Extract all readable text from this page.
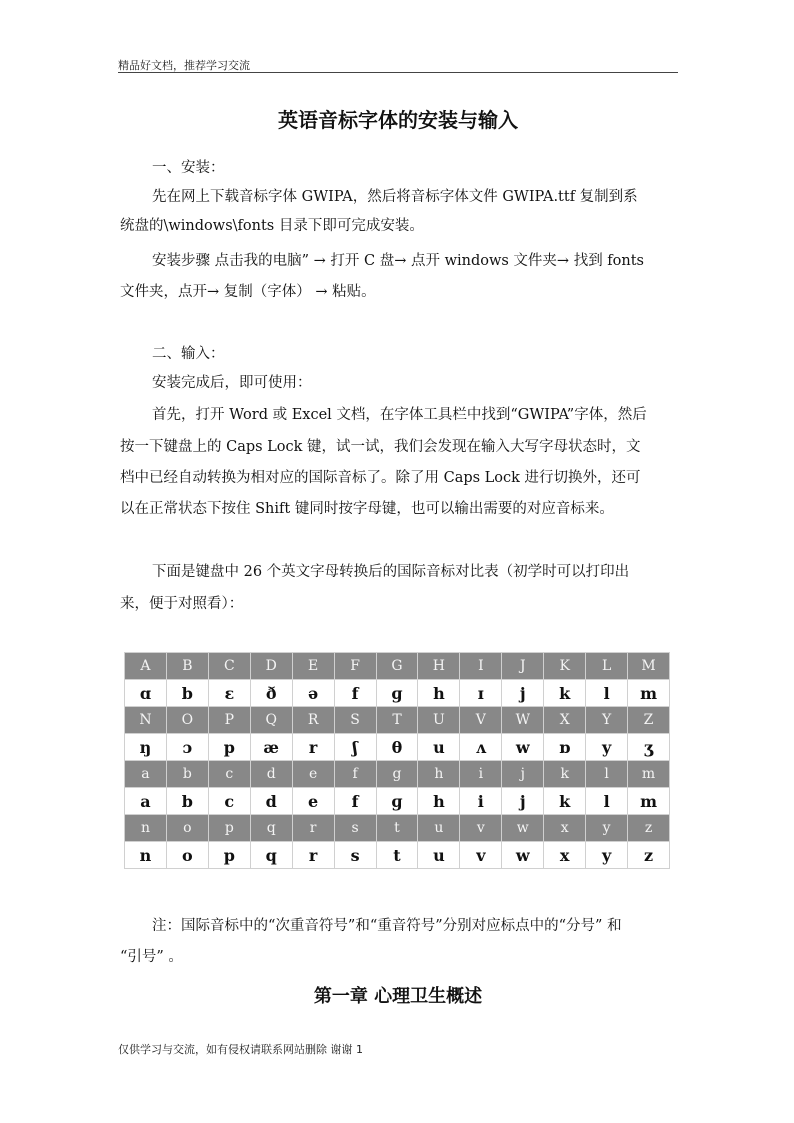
精品好文档，推荐学习交流
英语音标字体的安装与输入
一、安装：
先在网上下载音标字体 GWIPA，然后将音标字体文件 GWIPA.ttf 复制到系
统盘的\windows\fonts 目录下即可完成安装。
安装步骤 点击我的电脑” → 打开 C 盘→ 点开 windows 文件夹→ 找到 fonts
文件夹，点开→ 复制（字体） → 粘贴。
二、输入：
安装完成后，即可使用：
首先，打开 Word 或 Excel 文档，在字体工具栏中找到“GWIPA”字体，然后
按一下键盘上的 Caps Lock 键，试一试，我们会发现在输入大写字母状态时，文
档中已经自动转换为相对应的国际音标了。除了用 Caps Lock 进行切换外，还可
以在正常状态下按住 Shift 键同时按字母键，也可以输出需要的对应音标来。
下面是键盘中 26 个英文字母转换后的国际音标对比表（初学时可以打印出
来，便于对照看）：
A	B	C	D	E	F	G	H	I	J	K	L	M
ɑ	b	ɛ	ð	ə	f	ɡ	h	ɪ	j	k	l	m
N	O	P	Q	R	S	T	U	V	W	X	Y	Z
ŋ	ɔ	p	æ	r	ʃ	θ	u	ʌ	w	ɒ	y	ʒ
a	b	c	d	e	f	g	h	i	j	k	l	m
a	b	c	d	e	f	ɡ	h	i	j	k	l	m
n	o	p	q	r	s	t	u	v	w	x	y	z
n	o	p	q	r	s	t	u	v	w	x	y	z
注：国际音标中的“次重音符号”和“重音符号”分别对应标点中的“分号” 和
“引号” 。
第一章 心理卫生概述
仅供学习与交流，如有侵权请联系网站删除 谢谢 1
